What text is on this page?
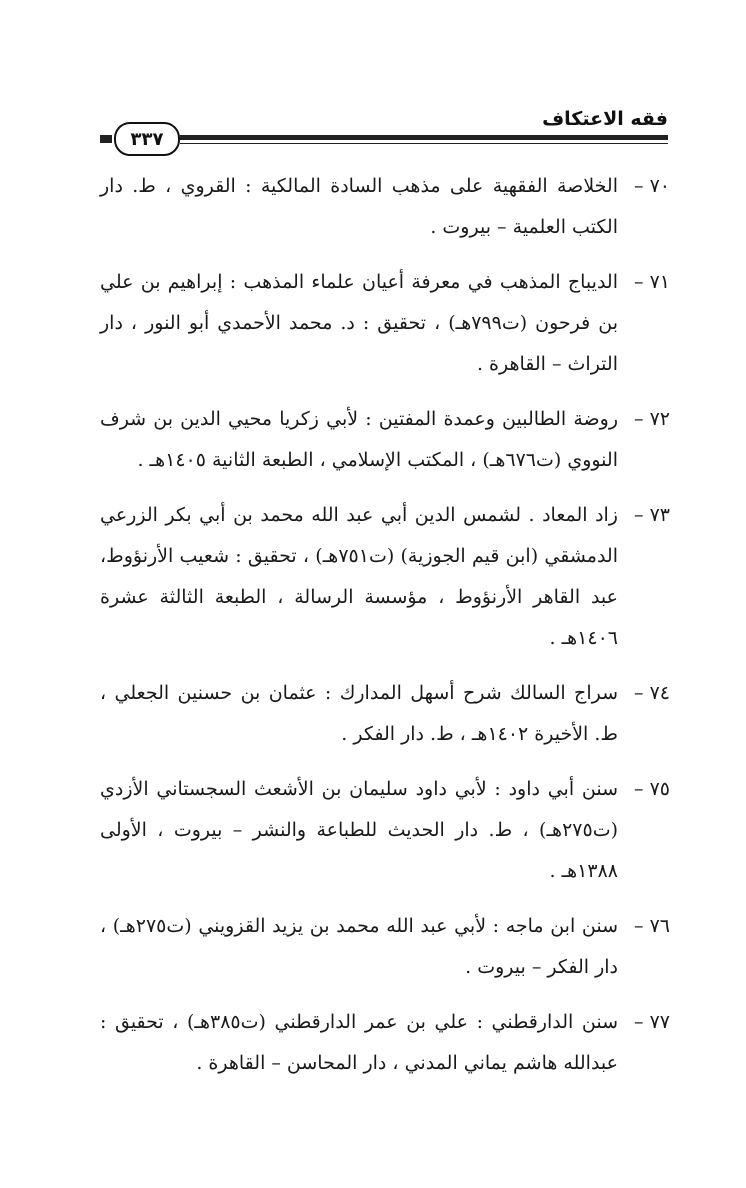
فقه الاعتكاف
٣٣٧
٧٠ –
الخلاصة الفقهية على مذهب السادة المالكية : القروي ، ط. دار الكتب العلمية – بيروت .
٧١ –
الديباج المذهب في معرفة أعيان علماء المذهب : إبراهيم بن علي بن فرحون (ت٧٩٩هـ) ، تحقيق : د. محمد الأحمدي أبو النور ، دار التراث – القاهرة .
٧٢ –
روضة الطالبين وعمدة المفتين : لأبي زكريا محيي الدين بن شرف النووي (ت٦٧٦هـ) ، المكتب الإسلامي ، الطبعة الثانية ١٤٠٥هـ .
٧٣ –
زاد المعاد . لشمس الدين أبي عبد الله محمد بن أبي بكر الزرعي الدمشقي (ابن قيم الجوزية) (ت٧٥١هـ) ، تحقيق : شعيب الأرنؤوط، عبد القاهر الأرنؤوط ، مؤسسة الرسالة ، الطبعة الثالثة عشرة ١٤٠٦هـ .
٧٤ –
سراج السالك شرح أسهل المدارك : عثمان بن حسنين الجعلي ، ط. الأخيرة ١٤٠٢هـ ، ط. دار الفكر .
٧٥ –
سنن أبي داود : لأبي داود سليمان بن الأشعث السجستاني الأزدي (ت٢٧٥هـ) ، ط. دار الحديث للطباعة والنشر – بيروت ، الأولى ١٣٨٨هـ .
٧٦ –
سنن ابن ماجه : لأبي عبد الله محمد بن يزيد القزويني (ت٢٧٥هـ) ، دار الفكر – بيروت .
٧٧ –
سنن الدارقطني : علي بن عمر الدارقطني (ت٣٨٥هـ) ، تحقيق : عبدالله هاشم يماني المدني ، دار المحاسن – القاهرة .
